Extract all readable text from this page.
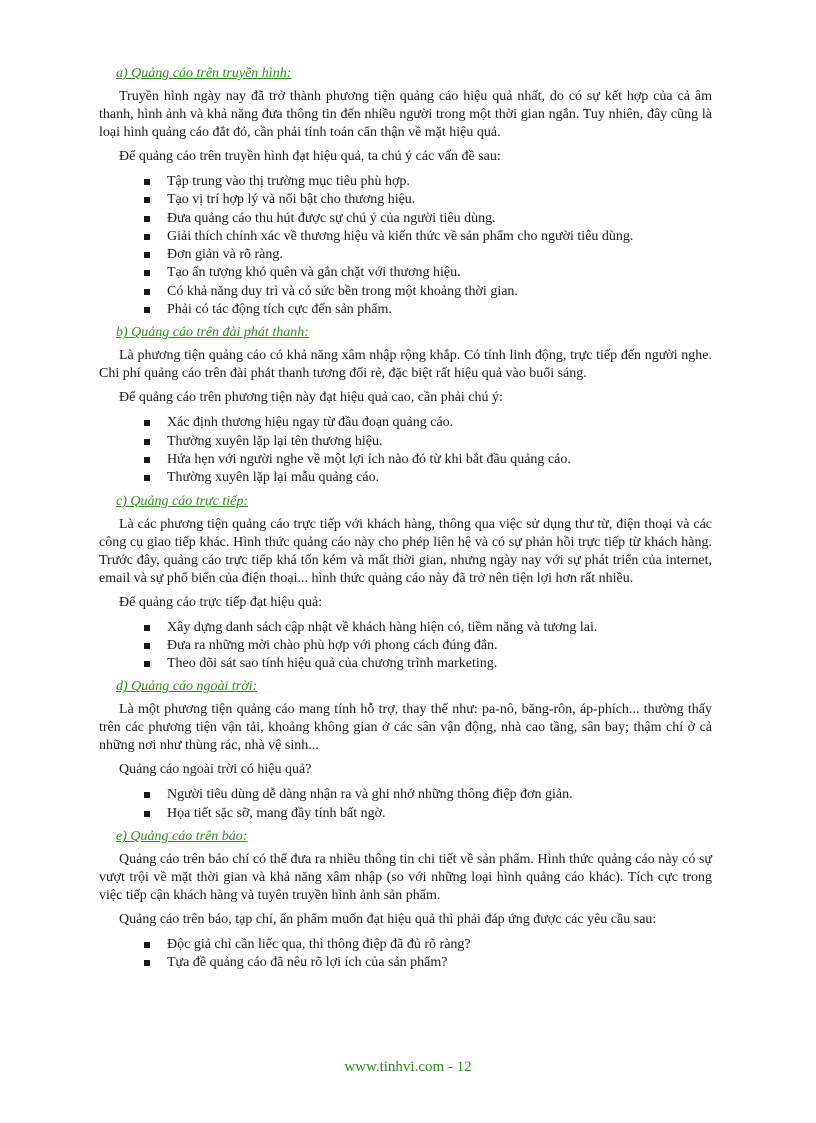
a) Quảng cáo trên truyền hình:

Truyền hình ngày nay đã trở thành phương tiện quảng cáo hiệu quả nhất, do có sự kết hợp của cả âm thanh, hình ảnh và khả năng đưa thông tin đến nhiều người trong một thời gian ngắn. Tuy nhiên, đây cũng là loại hình quảng cáo đắt đỏ, cần phải tính toán cẩn thận về mặt hiệu quả.

Để quảng cáo trên truyền hình đạt hiệu quả, ta chú ý các vấn đề sau:

Tập trung vào thị trường mục tiêu phù hợp.
Tạo vị trí hợp lý và nổi bật cho thương hiệu.
Đưa quảng cáo thu hút được sự chú ý của người tiêu dùng.
Giải thích chính xác về thương hiệu và kiến thức về sản phẩm cho người tiêu dùng.
Đơn giản và rõ ràng.
Tạo ấn tượng khó quên và gắn chặt với thương hiệu.
Có khả năng duy trì và có sức bền trong một khoảng thời gian.
Phải có tác động tích cực đến sản phẩm.
b) Quảng cáo trên đài phát thanh:

Là phương tiện quảng cáo có khả năng xâm nhập rộng khắp. Có tính linh động, trực tiếp đến người nghe. Chi phí quảng cáo trên đài phát thanh tương đối rẻ, đặc biệt rất hiệu quả vào buổi sáng.

Để quảng cáo trên phương tiện này đạt hiệu quả cao, cần phải chú ý:

Xác định thương hiệu ngay từ đầu đoạn quảng cáo.
Thường xuyên lặp lại tên thương hiệu.
Hứa hẹn với người nghe về một lợi ích nào đó từ khi bắt đầu quảng cáo.
Thường xuyên lặp lại mẫu quảng cáo.
c) Quảng cáo trực tiếp:

Là các phương tiện quảng cáo trực tiếp với khách hàng, thông qua việc sử dụng thư từ, điện thoại và các công cụ giao tiếp khác. Hình thức quảng cáo này cho phép liên hệ và có sự phản hồi trực tiếp từ khách hàng. Trước đây, quảng cáo trực tiếp khá tốn kém và mất thời gian, nhưng ngày nay với sự phát triển của internet, email và sự phổ biến của điện thoại... hình thức quảng cáo này đã trở nên tiện lợi hơn rất nhiều.

Để quảng cáo trực tiếp đạt hiệu quả:

Xây dựng danh sách cập nhật về khách hàng hiện có, tiềm năng và tương lai.
Đưa ra những mời chào phù hợp với phong cách đúng đắn.
Theo dõi sát sao tính hiệu quả của chương trình marketing.
d) Quảng cáo ngoài trời:

Là một phương tiện quảng cáo mang tính hỗ trợ, thay thế như: pa-nô, băng-rôn, áp-phích... thường thấy trên các phương tiện vận tải, khoảng không gian ở các sân vận động, nhà cao tầng, sân bay; thậm chí ở cả những nơi như thùng rác, nhà vệ sinh...

Quảng cáo ngoài trời có hiệu quả?

Người tiêu dùng dễ dàng nhận ra và ghi nhớ những thông điệp đơn giản.
Họa tiết sặc sỡ, mang đầy tính bất ngờ.
e) Quảng cáo trên báo:

Quảng cáo trên báo chí có thể đưa ra nhiều thông tin chi tiết về sản phẩm. Hình thức quảng cáo này có sự vượt trội về mặt thời gian và khả năng xâm nhập (so với những loại hình quảng cáo khác). Tích cực trong việc tiếp cận khách hàng và tuyên truyền hình ảnh sản phẩm.

Quảng cáo trên báo, tạp chí, ấn phẩm muốn đạt hiệu quả thì phải đáp ứng được các yêu cầu sau:

Độc giả chỉ cần liếc qua, thì thông điệp đã đủ rõ ràng?
Tựa đề quảng cáo đã nêu rõ lợi ích của sản phẩm?
www.tinhvi.com - 12
